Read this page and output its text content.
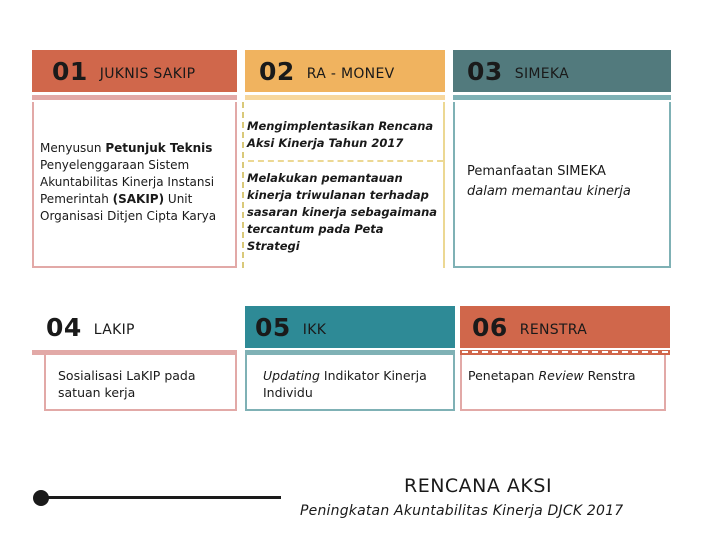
01 JUKNIS SAKIP	02 RA - MONEV	03 SIMEKA
Menyusun Petunjuk Teknis Penyelenggaraan Sistem Akuntabilitas Kinerja Instansi Pemerintah (SAKIP) Unit Organisasi Ditjen Cipta Karya
Mengimplentasikan Rencana Aksi Kinerja Tahun 2017
Melakukan pemantauan kinerja triwulanan terhadap sasaran kinerja sebagaimana tercantum pada Peta Strategi
Pemanfaatan SIMEKA
dalam memantau kinerja
04 LAKIP	05 IKK	06 RENSTRA
Sosialisasi LaKIP pada satuan kerja
Updating Indikator Kinerja Individu
Penetapan Review Renstra
RENCANA AKSI
Peningkatan Akuntabilitas Kinerja DJCK 2017
